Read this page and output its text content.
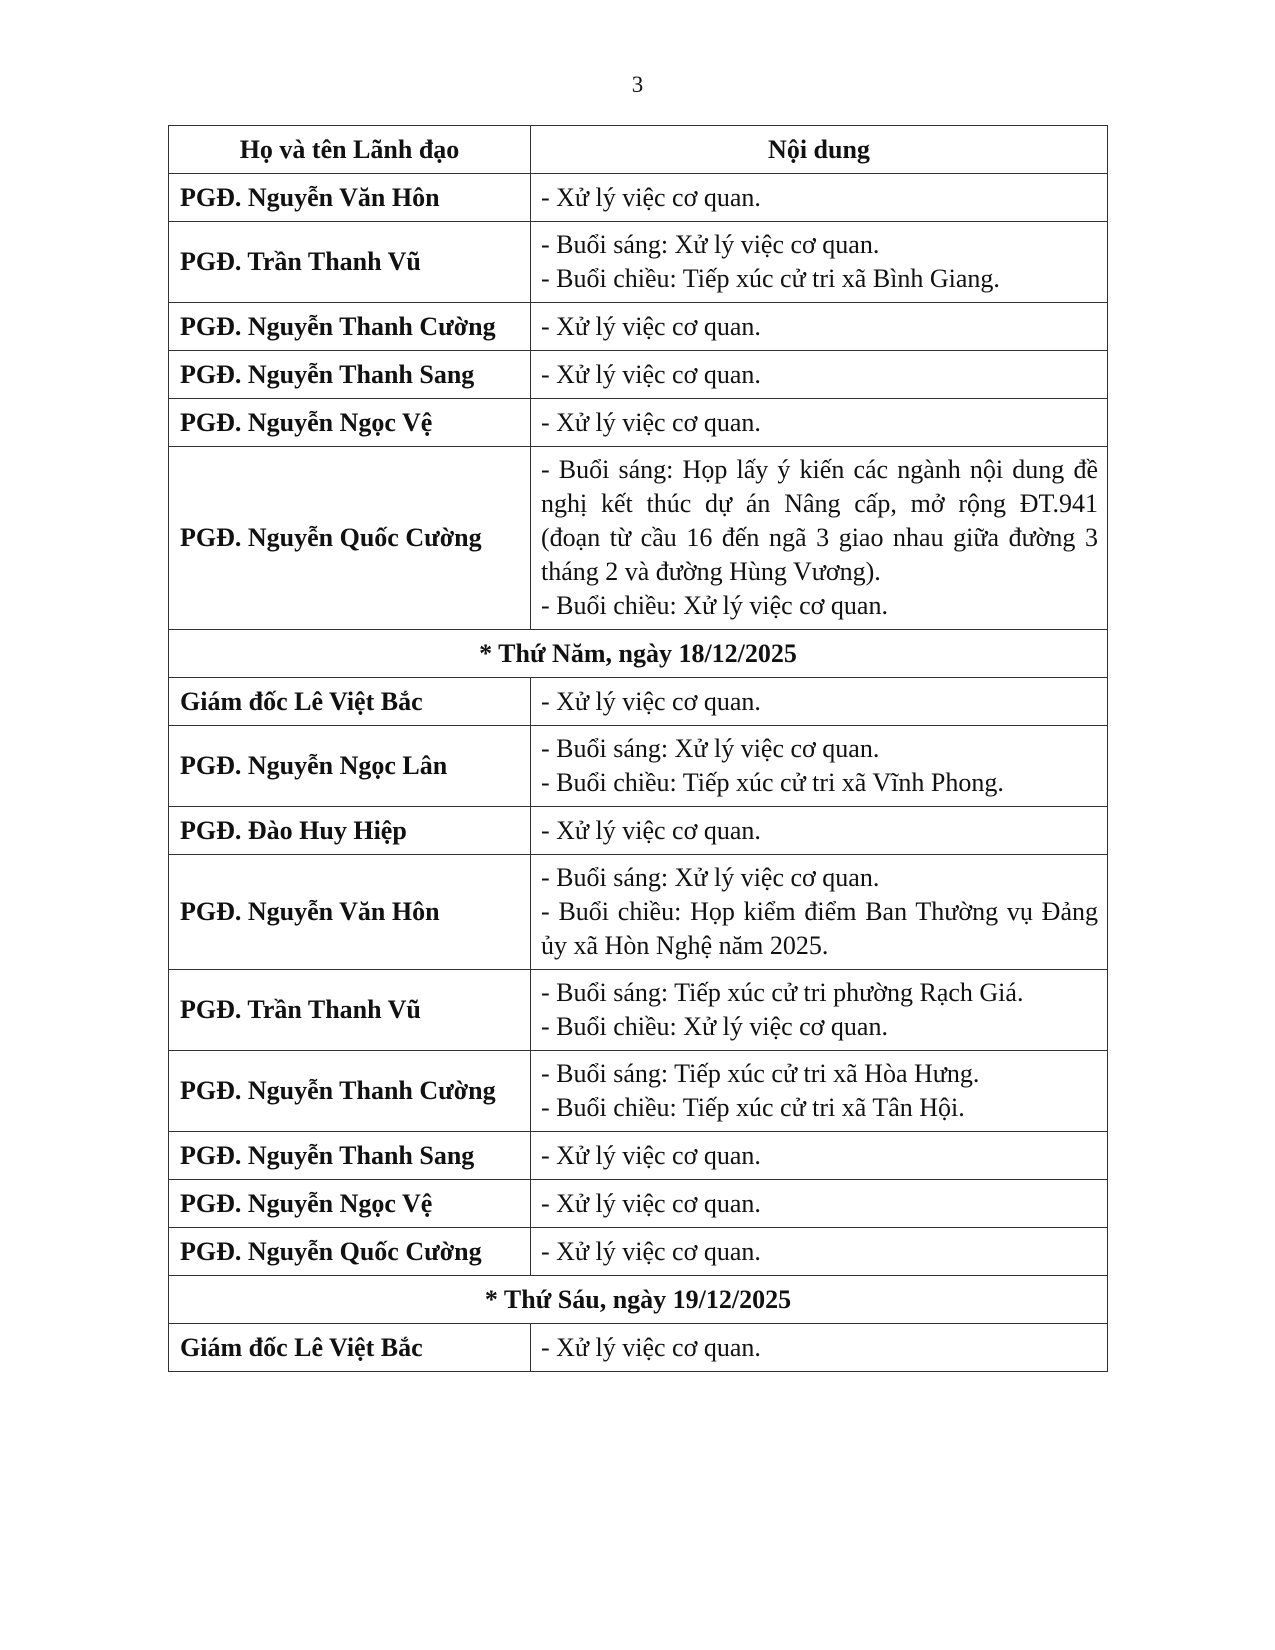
3
Họ và tên Lãnh đạo	Nội dung
PGĐ. Nguyễn Văn Hôn	- Xử lý việc cơ quan.

PGĐ. Trần Thanh Vũ	- Buổi sáng: Xử lý việc cơ quan.
- Buổi chiều: Tiếp xúc cử tri xã Bình Giang.

PGĐ. Nguyễn Thanh Cường	- Xử lý việc cơ quan.

PGĐ. Nguyễn Thanh Sang	- Xử lý việc cơ quan.

PGĐ. Nguyễn Ngọc Vệ	- Xử lý việc cơ quan.

PGĐ. Nguyễn Quốc Cường	- Buổi sáng: Họp lấy ý kiến các ngành nội dung đề nghị kết thúc dự án Nâng cấp, mở rộng ĐT.941 (đoạn từ cầu 16 đến ngã 3 giao nhau giữa đường 3 tháng 2 và đường Hùng Vương).
- Buổi chiều: Xử lý việc cơ quan.

* Thứ Năm, ngày 18/12/2025	
Giám đốc Lê Việt Bắc	- Xử lý việc cơ quan.

PGĐ. Nguyễn Ngọc Lân	- Buổi sáng: Xử lý việc cơ quan.
- Buổi chiều: Tiếp xúc cử tri xã Vĩnh Phong.

PGĐ. Đào Huy Hiệp	- Xử lý việc cơ quan.

PGĐ. Nguyễn Văn Hôn	- Buổi sáng: Xử lý việc cơ quan.
- Buổi chiều: Họp kiểm điểm Ban Thường vụ Đảng ủy xã Hòn Nghệ năm 2025.

PGĐ. Trần Thanh Vũ	- Buổi sáng: Tiếp xúc cử tri phường Rạch Giá.
- Buổi chiều: Xử lý việc cơ quan.

PGĐ. Nguyễn Thanh Cường	- Buổi sáng: Tiếp xúc cử tri xã Hòa Hưng.
- Buổi chiều: Tiếp xúc cử tri xã Tân Hội.

PGĐ. Nguyễn Thanh Sang	- Xử lý việc cơ quan.

PGĐ. Nguyễn Ngọc Vệ	- Xử lý việc cơ quan.

PGĐ. Nguyễn Quốc Cường	- Xử lý việc cơ quan.

* Thứ Sáu, ngày 19/12/2025	
Giám đốc Lê Việt Bắc	- Xử lý việc cơ quan.
